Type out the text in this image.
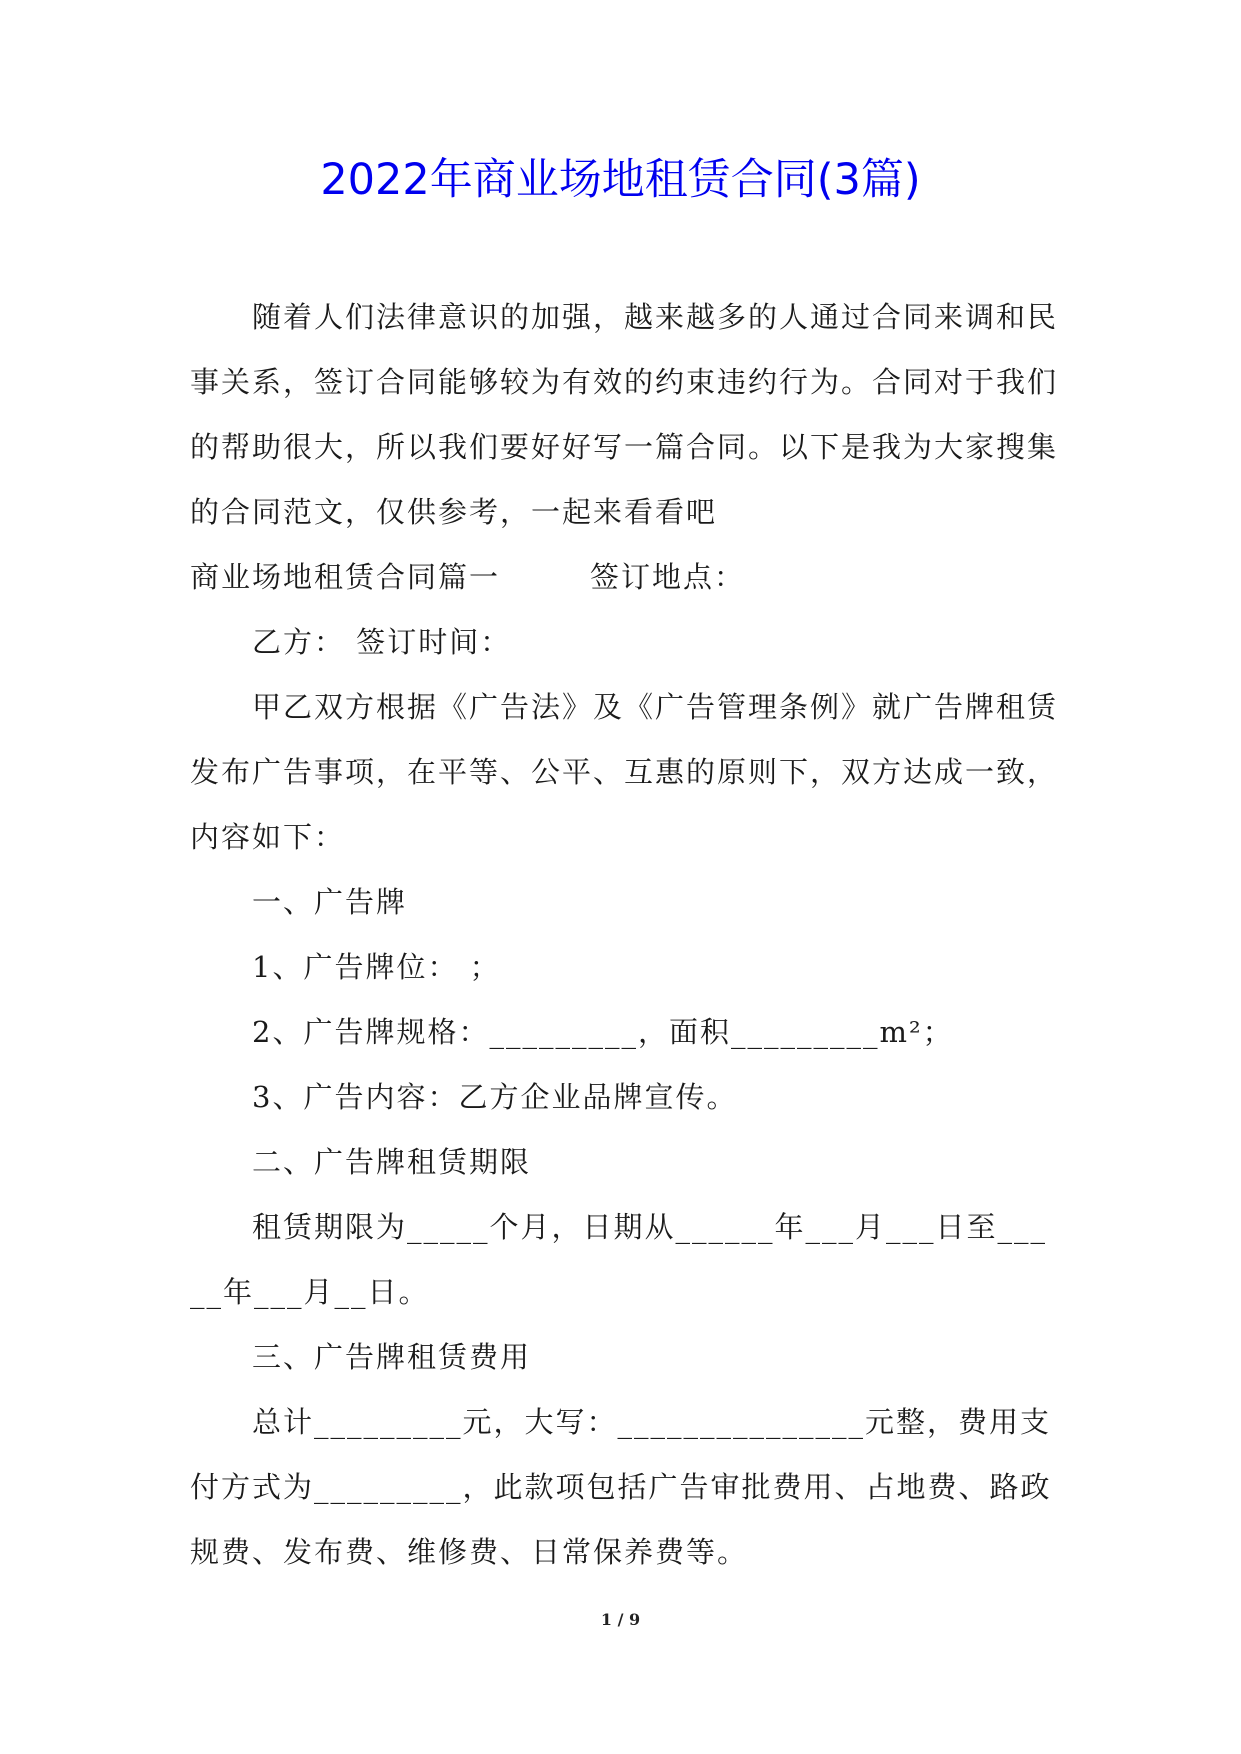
2022年商业场地租赁合同(3篇)

随着人们法律意识的加强，越来越多的人通过合同来调和民事关系，签订合同能够较为有效的约束违约行为。合同对于我们的帮助很大，所以我们要好好写一篇合同。以下是我为大家搜集的合同范文，仅供参考，一起来看看吧

商业场地租赁合同篇一	签订地点：

乙方： 签订时间：

甲乙双方根据《广告法》及《广告管理条例》就广告牌租赁发布广告事项，在平等、公平、互惠的原则下，双方达成一致，内容如下：

一、广告牌

1、广告牌位： ；

2、广告牌规格：_________，面积_________m²；

3、广告内容：乙方企业品牌宣传。

二、广告牌租赁期限

租赁期限为_____个月，日期从______年___月___日至_____年___月__日。

三、广告牌租赁费用

总计_________元，大写：_______________元整，费用支付方式为_________，此款项包括广告审批费用、占地费、路政规费、发布费、维修费、日常保养费等。

1 / 9
